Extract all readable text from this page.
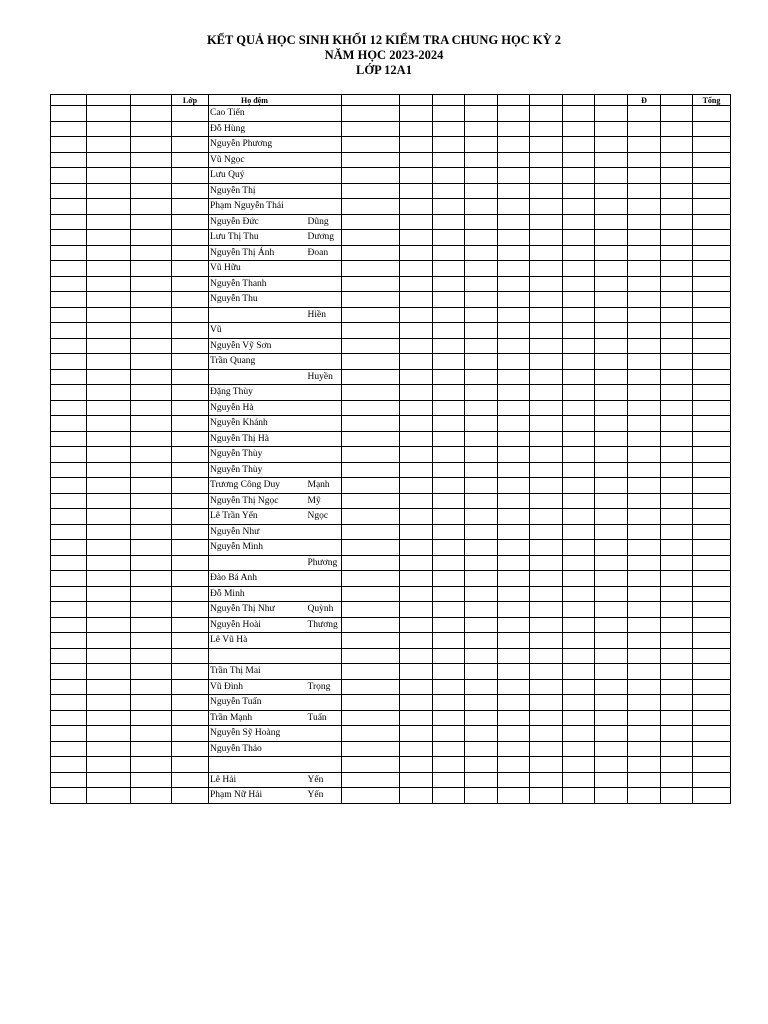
KẾT QUẢ HỌC SINH KHỐI 12 KIỂM TRA CHUNG HỌC KỲ 2
NĂM HỌC 2023-2024
LỚP 12A1
			Lớp	Họ đệm										Đ		Tổng
				Cao Tiến												
				Đỗ Hùng												
				Nguyễn Phương												
				Vũ Ngọc												
				Lưu Quý												
				Nguyễn Thị												
				Phạm Nguyễn Thái												
				Nguyễn Đức	Dũng											
				Lưu Thị Thu	Dương											
				Nguyễn Thị Ánh	Đoan											
				Vũ Hữu												
				Nguyễn Thanh												
				Nguyễn Thu												
					Hiền											
				Vũ												
				Nguyễn Vỹ Sơn												
				Trần Quang												
					Huyền											
				Đặng Thùy												
				Nguyễn Hà												
				Nguyễn Khánh												
				Nguyễn Thị Hà												
				Nguyễn Thùy												
				Nguyễn Thùy												
				Trương Công Duy	Mạnh											
				Nguyễn Thị Ngọc	Mỹ											
				Lê Trần Yến	Ngọc											
				Nguyễn Như												
				Nguyễn Minh												
					Phương											
				Đào Bá Anh												
				Đỗ Minh												
				Nguyễn Thị Như	Quỳnh											
				Nguyễn Hoài	Thương											
				Lê Vũ Hà												

				Trần Thị Mai												
				Vũ Đình	Trọng											
				Nguyễn Tuấn												
				Trần Mạnh	Tuấn											
				Nguyễn Sỹ Hoàng												
				Nguyễn Thảo												

				Lê Hải	Yến											
				Phạm Nữ Hải	Yến											
